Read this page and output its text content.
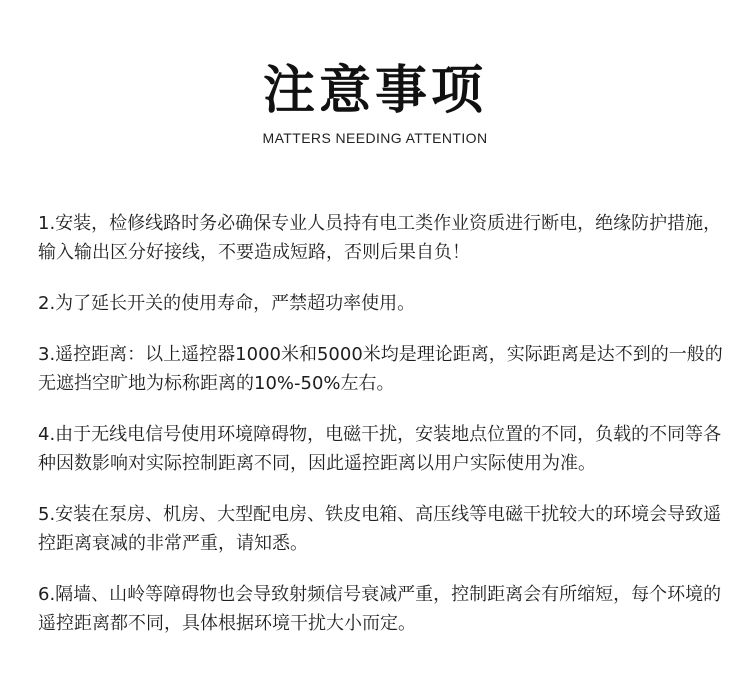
注意事项
MATTERS NEEDING ATTENTION
1.安装，检修线路时务必确保专业人员持有电工类作业资质进行断电，绝缘防护措施，输入输出区分好接线，不要造成短路，否则后果自负！
2.为了延长开关的使用寿命，严禁超功率使用。
3.遥控距离：以上遥控器1000米和5000米均是理论距离，实际距离是达不到的一般的无遮挡空旷地为标称距离的10%-50%左右。
4.由于无线电信号使用环境障碍物，电磁干扰，安装地点位置的不同，负载的不同等各种因数影响对实际控制距离不同，因此遥控距离以用户实际使用为准。
5.安装在泵房、机房、大型配电房、铁皮电箱、高压线等电磁干扰较大的环境会导致遥控距离衰减的非常严重，请知悉。
6.隔墙、山岭等障碍物也会导致射频信号衰减严重，控制距离会有所缩短，每个环境的遥控距离都不同，具体根据环境干扰大小而定。
